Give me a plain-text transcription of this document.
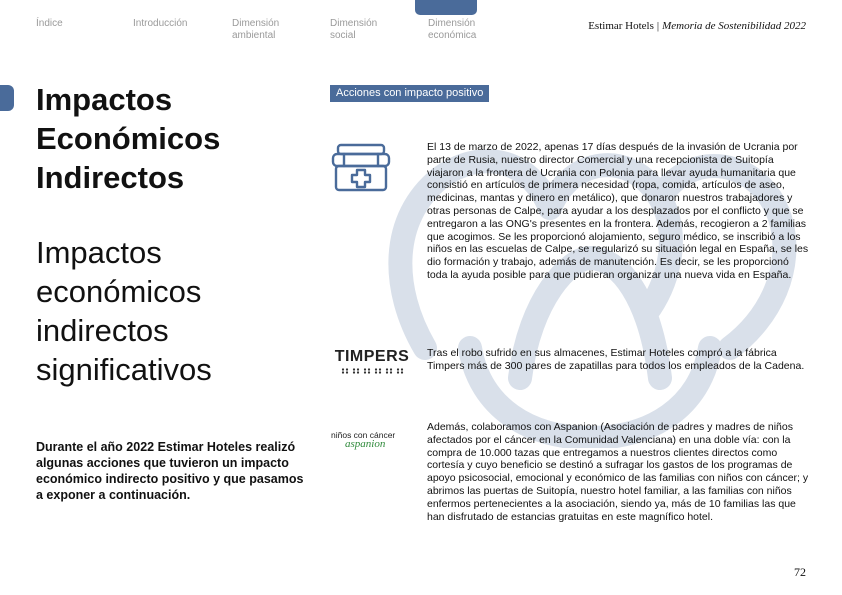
Índice	Introducción	Dimensión
ambiental
Dimensión
social
Dimensión
económica
Estimar Hotels | Memoria de Sostenibilidad 2022
Impactos Económicos Indirectos
Impactos económicos indirectos significativos
Durante el año 2022 Estimar Hoteles realizó algunas acciones que tuvieron un impacto económico indirecto positivo y que pasamos a exponer a continuación.
Acciones con impacto positivo
El 13 de marzo de 2022, apenas 17 días después de la invasión de Ucrania por parte de Rusia, nuestro director Comercial y una recepcionista de Suitopía viajaron a la frontera de Ucrania con Polonia para llevar ayuda humanitaria que consistió en artículos de primera necesidad (ropa, comida, artículos de aseo, medicinas, mantas y dinero en metálico), que donaron nuestros trabajadores y otras personas de Calpe, para ayudar a los desplazados por el conflicto y que se entregaron a las ONG's presentes en la frontera. Además, recogieron a 2 familias que acogimos. Se les proporcionó alojamiento, seguro médico, se inscribió a los niños en las escuelas de Calpe, se regularizó su situación legal en España, se les dio formación y trabajo, además de manutención. Es decir, se les proporcionó toda la ayuda posible para que pudieran organizar una nueva vida en España.
TIMPERS Tras el robo sufrido en sus almacenes, Estimar Hoteles compró a la fábrica Timpers más de 300 pares de zapatillas para todos los empleados de la Cadena.
niños con cáncer
aspanion
Además, colaboramos con Aspanion (Asociación de padres y madres de niños afectados por el cáncer en la Comunidad Valenciana) en una doble vía: con la compra de 10.000 tazas que entregamos a nuestros clientes directos como cortesía y cuyo beneficio se destinó a sufragar los gastos de los programas de apoyo psicosocial, emocional y económico de las familias con niños con cáncer; y abrimos las puertas de Suitopía, nuestro hotel familiar, a las familias con niños enfermos pertenecientes a la asociación, siendo ya, más de 10 familias las que han disfrutado de estancias gratuitas en este magnífico hotel.
72
